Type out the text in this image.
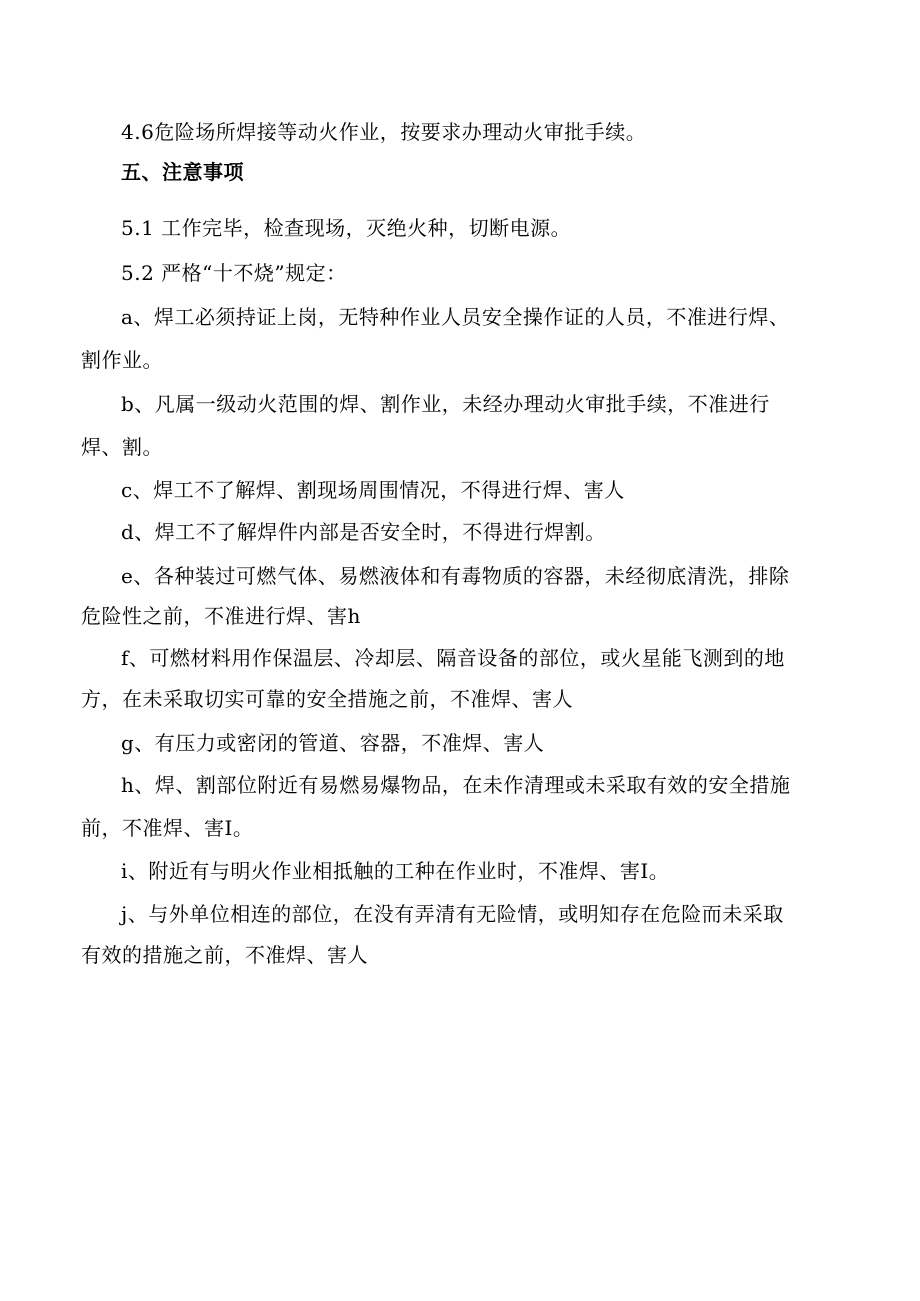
4.6危险场所焊接等动火作业，按要求办理动火审批手续。
五、注意事项
5.1 工作完毕，检查现场，灭绝火种，切断电源。
5.2 严格“十不烧”规定：
a、焊工必须持证上岗，无特种作业人员安全操作证的人员，不准进行焊、
割作业。
b、凡属一级动火范围的焊、割作业，未经办理动火审批手续，不准进行
焊、割。
c、焊工不了解焊、割现场周围情况，不得进行焊、害人
d、焊工不了解焊件内部是否安全时，不得进行焊割。
e、各种装过可燃气体、易燃液体和有毒物质的容器，未经彻底清洗，排除
危险性之前，不准进行焊、害h
f、可燃材料用作保温层、冷却层、隔音设备的部位，或火星能飞测到的地
方，在未采取切实可靠的安全措施之前，不准焊、害人
g、有压力或密闭的管道、容器，不准焊、害人
h、焊、割部位附近有易燃易爆物品，在未作清理或未采取有效的安全措施
前，不准焊、害I。
i、附近有与明火作业相抵触的工种在作业时，不准焊、害I。
j、与外单位相连的部位，在没有弄清有无险情，或明知存在危险而未采取
有效的措施之前，不准焊、害人
